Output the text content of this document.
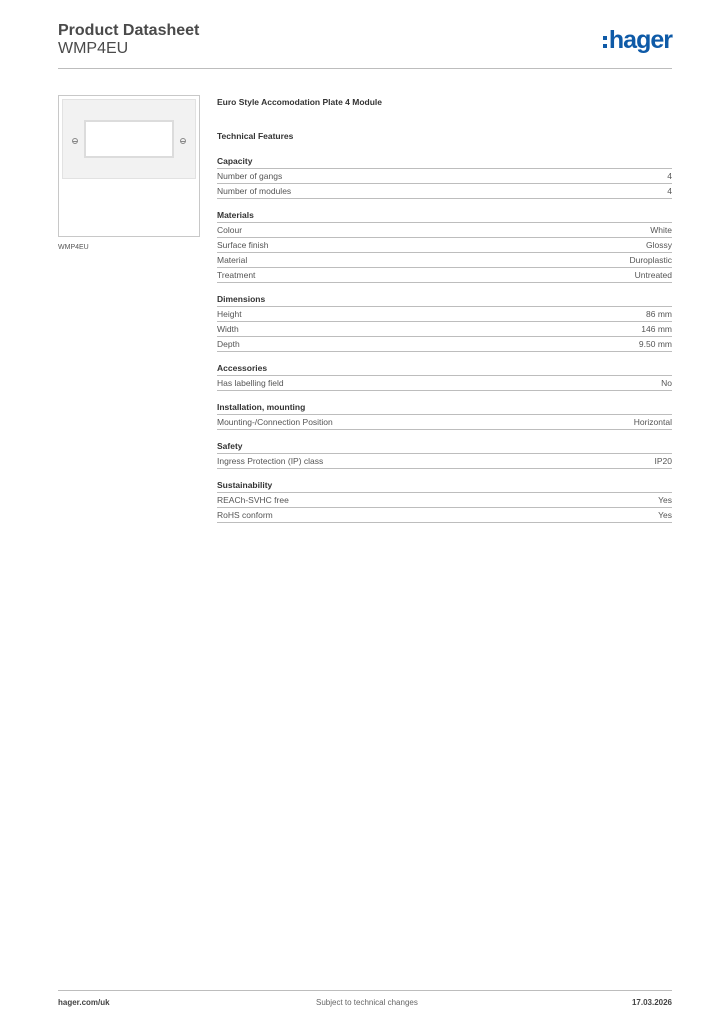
Product Datasheet
WMP4EU	hager
WMP4EU
Euro Style Accomodation Plate 4 Module
Technical Features
Capacity
Number of gangs	4
Number of modules	4
Materials
Colour	White
Surface finish	Glossy
Material	Duroplastic
Treatment	Untreated
Dimensions
Height	86 mm
Width	146 mm
Depth	9.50 mm
Accessories
Has labelling field	No
Installation, mounting
Mounting-/Connection Position	Horizontal
Safety
Ingress Protection (IP) class	IP20
Sustainability
REACh-SVHC free	Yes
RoHS conform	Yes
hager.com/uk	Subject to technical changes	17.03.2026
